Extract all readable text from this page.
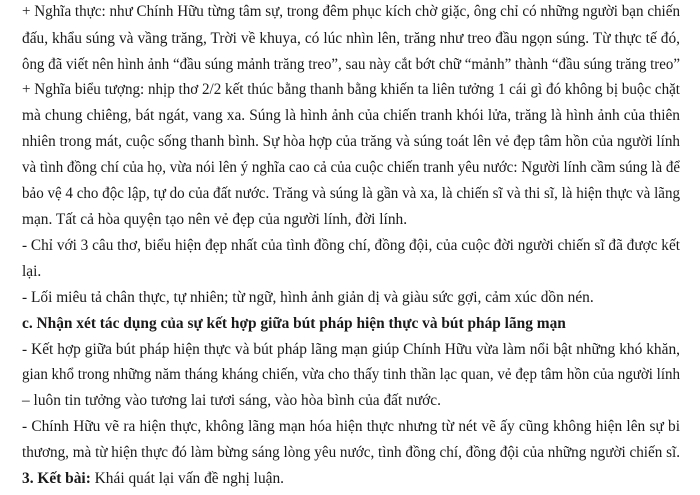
+ Nghĩa thực: như Chính Hữu từng tâm sự, trong đêm phục kích chờ giặc, ông chỉ có những người bạn chiến
đấu, khẩu súng và vầng trăng, Trời về khuya, có lúc nhìn lên, trăng như treo đầu ngọn súng. Từ thực tế đó,
ông đã viết nên hình ảnh “đầu súng mảnh trăng treo”, sau này cắt bớt chữ “mảnh” thành “đầu súng trăng treo”
+ Nghĩa biểu tượng: nhịp thơ 2/2 kết thúc bằng thanh bằng khiến ta liên tưởng 1 cái gì đó không bị buộc chặt
mà chung chiêng, bát ngát, vang xa. Súng là hình ảnh của chiến tranh khói lửa, trăng là hình ảnh của thiên
nhiên trong mát, cuộc sống thanh bình. Sự hòa hợp của trăng và súng toát lên vẻ đẹp tâm hồn của người lính
và tình đồng chí của họ, vừa nói lên ý nghĩa cao cả của cuộc chiến tranh yêu nước: Người lính cầm súng là để
bảo vệ 4 cho độc lập, tự do của đất nước. Trăng và súng là gần và xa, là chiến sĩ và thi sĩ, là hiện thực và lãng
mạn. Tất cả hòa quyện tạo nên vẻ đẹp của người lính, đời lính.
- Chỉ với 3 câu thơ, biểu hiện đẹp nhất của tình đồng chí, đồng đội, của cuộc đời người chiến sĩ đã được kết
lại.
- Lối miêu tả chân thực, tự nhiên; từ ngữ, hình ảnh giản dị và giàu sức gợi, cảm xúc dồn nén.
c. Nhận xét tác dụng của sự kết hợp giữa bút pháp hiện thực và bút pháp lãng mạn
- Kết hợp giữa bút pháp hiện thực và bút pháp lãng mạn giúp Chính Hữu vừa làm nổi bật những khó khăn,
gian khổ trong những năm tháng kháng chiến, vừa cho thấy tinh thần lạc quan, vẻ đẹp tâm hồn của người lính
– luôn tin tưởng vào tương lai tươi sáng, vào hòa bình của đất nước.
- Chính Hữu vẽ ra hiện thực, không lãng mạn hóa hiện thực nhưng từ nét vẽ ấy cũng không hiện lên sự bi
thương, mà từ hiện thực đó làm bừng sáng lòng yêu nước, tình đồng chí, đồng đội của những người chiến sĩ.
3. Kết bài: Khái quát lại vấn đề nghị luận.
